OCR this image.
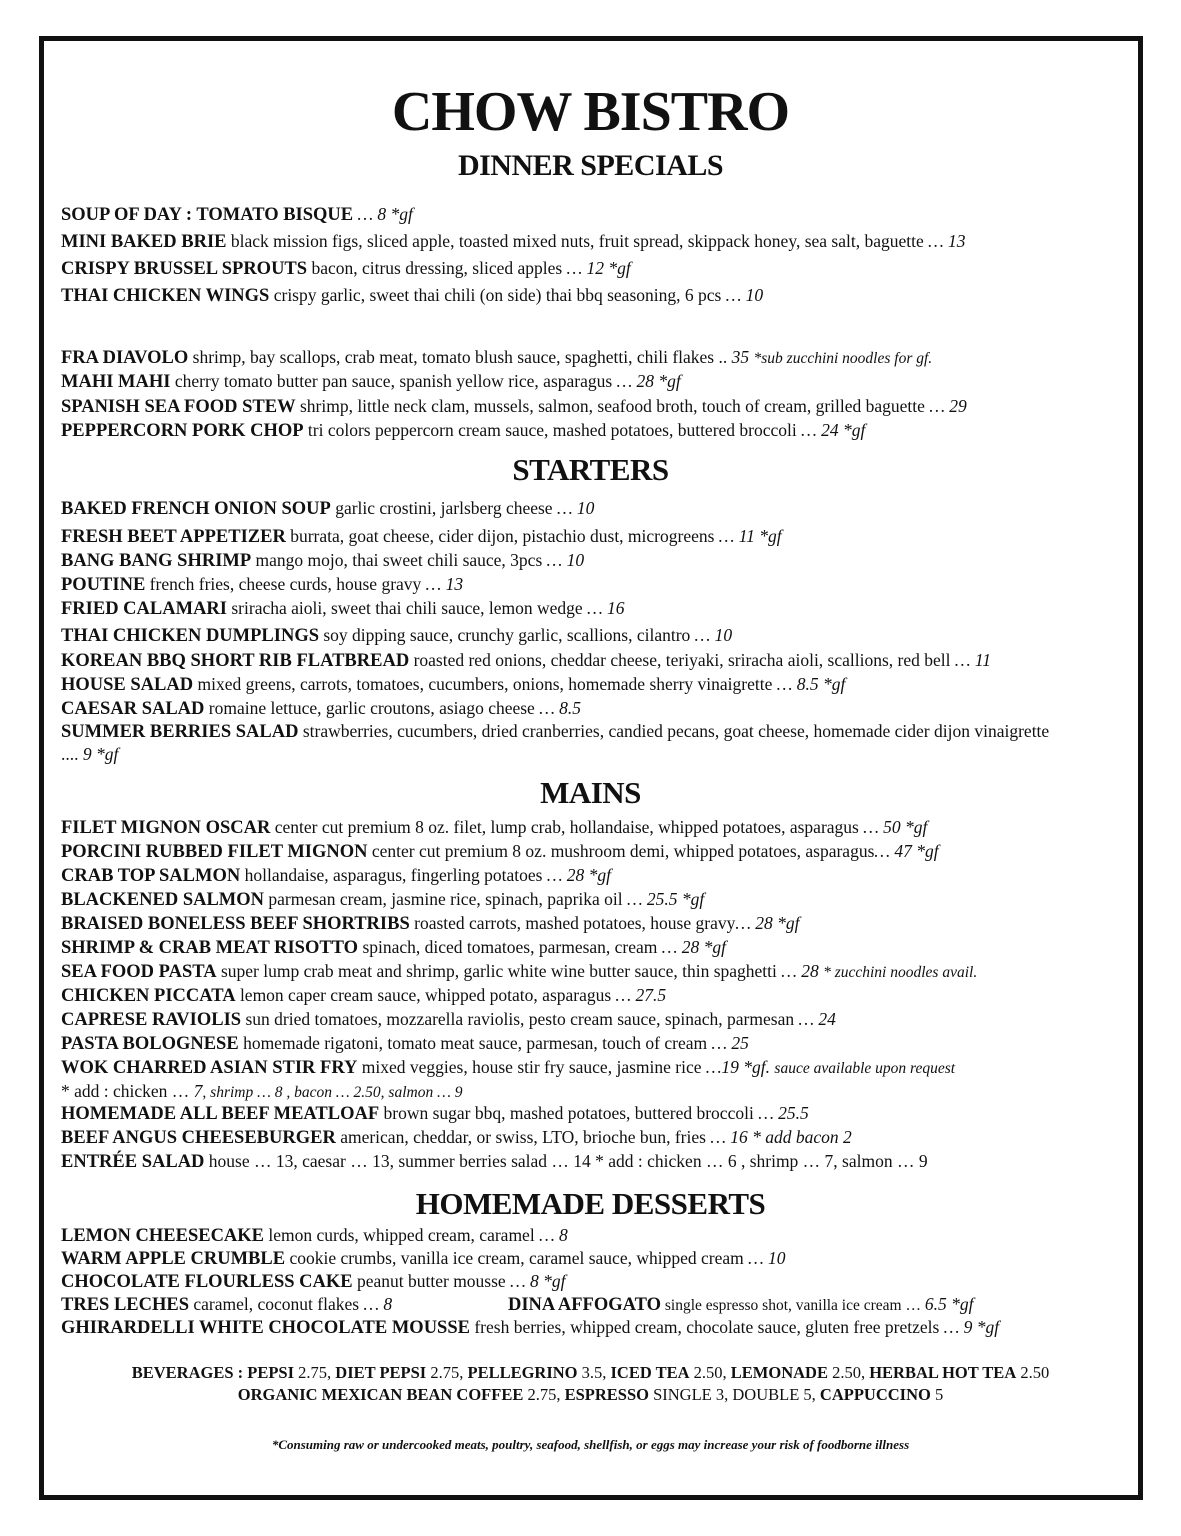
CHOW BISTRO
DINNER SPECIALS
SOUP OF DAY : TOMATO BISQUE … 8 *gf
MINI BAKED BRIE black mission figs, sliced apple, toasted mixed nuts, fruit spread, skippack honey, sea salt, baguette … 13
CRISPY BRUSSEL SPROUTS bacon, citrus dressing, sliced apples … 12 *gf
THAI CHICKEN WINGS crispy garlic, sweet thai chili (on side) thai bbq seasoning, 6 pcs … 10
FRA DIAVOLO shrimp, bay scallops, crab meat, tomato blush sauce, spaghetti, chili flakes .. 35 *sub zucchini noodles for gf.
MAHI MAHI cherry tomato butter pan sauce, spanish yellow rice, asparagus … 28 *gf
SPANISH SEA FOOD STEW shrimp, little neck clam, mussels, salmon, seafood broth, touch of cream, grilled baguette … 29
PEPPERCORN PORK CHOP tri colors peppercorn cream sauce, mashed potatoes, buttered broccoli … 24 *gf
BAKED FRENCH ONION SOUP garlic crostini, jarlsberg cheese … 10
FRESH BEET APPETIZER burrata, goat cheese, cider dijon, pistachio dust, microgreens … 11 *gf
BANG BANG SHRIMP mango mojo, thai sweet chili sauce, 3pcs … 10
POUTINE french fries, cheese curds, house gravy … 13
FRIED CALAMARI sriracha aioli, sweet thai chili sauce, lemon wedge … 16
THAI CHICKEN DUMPLINGS soy dipping sauce, crunchy garlic, scallions, cilantro … 10
KOREAN BBQ SHORT RIB FLATBREAD roasted red onions, cheddar cheese, teriyaki, sriracha aioli, scallions, red bell … 11
HOUSE SALAD mixed greens, carrots, tomatoes, cucumbers, onions, homemade sherry vinaigrette … 8.5 *gf
CAESAR SALAD romaine lettuce, garlic croutons, asiago cheese … 8.5
SUMMER BERRIES SALAD strawberries, cucumbers, dried cranberries, candied pecans, goat cheese, homemade cider dijon vinaigrette .... 9 *gf
FILET MIGNON OSCAR center cut premium 8 oz. filet, lump crab, hollandaise, whipped potatoes, asparagus … 50 *gf
PORCINI RUBBED FILET MIGNON center cut premium 8 oz. mushroom demi, whipped potatoes, asparagus… 47 *gf
CRAB TOP SALMON hollandaise, asparagus, fingerling potatoes … 28 *gf
BLACKENED SALMON parmesan cream, jasmine rice, spinach, paprika oil … 25.5 *gf
BRAISED BONELESS BEEF SHORTRIBS roasted carrots, mashed potatoes, house gravy… 28 *gf
SHRIMP & CRAB MEAT RISOTTO spinach, diced tomatoes, parmesan, cream … 28 *gf
SEA FOOD PASTA super lump crab meat and shrimp, garlic white wine butter sauce, thin spaghetti … 28 * zucchini noodles avail.
CHICKEN PICCATA lemon caper cream sauce, whipped potato, asparagus … 27.5
CAPRESE RAVIOLIS sun dried tomatoes, mozzarella raviolis, pesto cream sauce, spinach, parmesan … 24
PASTA BOLOGNESE homemade rigatoni, tomato meat sauce, parmesan, touch of cream … 25
WOK CHARRED ASIAN STIR FRY mixed veggies, house stir fry sauce, jasmine rice …19 *gf. sauce available upon request
* add : chicken … 7, shrimp … 8 , bacon … 2.50, salmon … 9
HOMEMADE ALL BEEF MEATLOAF brown sugar bbq, mashed potatoes, buttered broccoli … 25.5
BEEF ANGUS CHEESEBURGER american, cheddar, or swiss, LTO, brioche bun, fries … 16 * add bacon 2
ENTRÉE SALAD house … 13, caesar … 13, summer berries salad … 14 * add : chicken … 6 , shrimp … 7, salmon … 9
LEMON CHEESECAKE lemon curds, whipped cream, caramel … 8
WARM APPLE CRUMBLE cookie crumbs, vanilla ice cream, caramel sauce, whipped cream … 10
CHOCOLATE FLOURLESS CAKE peanut butter mousse … 8 *gf
TRES LECHES caramel, coconut flakes … 8	DINA AFFOGATO single espresso shot, vanilla ice cream … 6.5 *gf
GHIRARDELLI WHITE CHOCOLATE MOUSSE fresh berries, whipped cream, chocolate sauce, gluten free pretzels … 9 *gf
STARTERS
MAINS
HOMEMADE DESSERTS
BEVERAGES : PEPSI 2.75, DIET PEPSI 2.75, PELLEGRINO 3.5, ICED TEA 2.50, LEMONADE 2.50, HERBAL HOT TEA 2.50
ORGANIC MEXICAN BEAN COFFEE 2.75, ESPRESSO SINGLE 3, DOUBLE 5, CAPPUCCINO 5
*Consuming raw or undercooked meats, poultry, seafood, shellfish, or eggs may increase your risk of foodborne illness
